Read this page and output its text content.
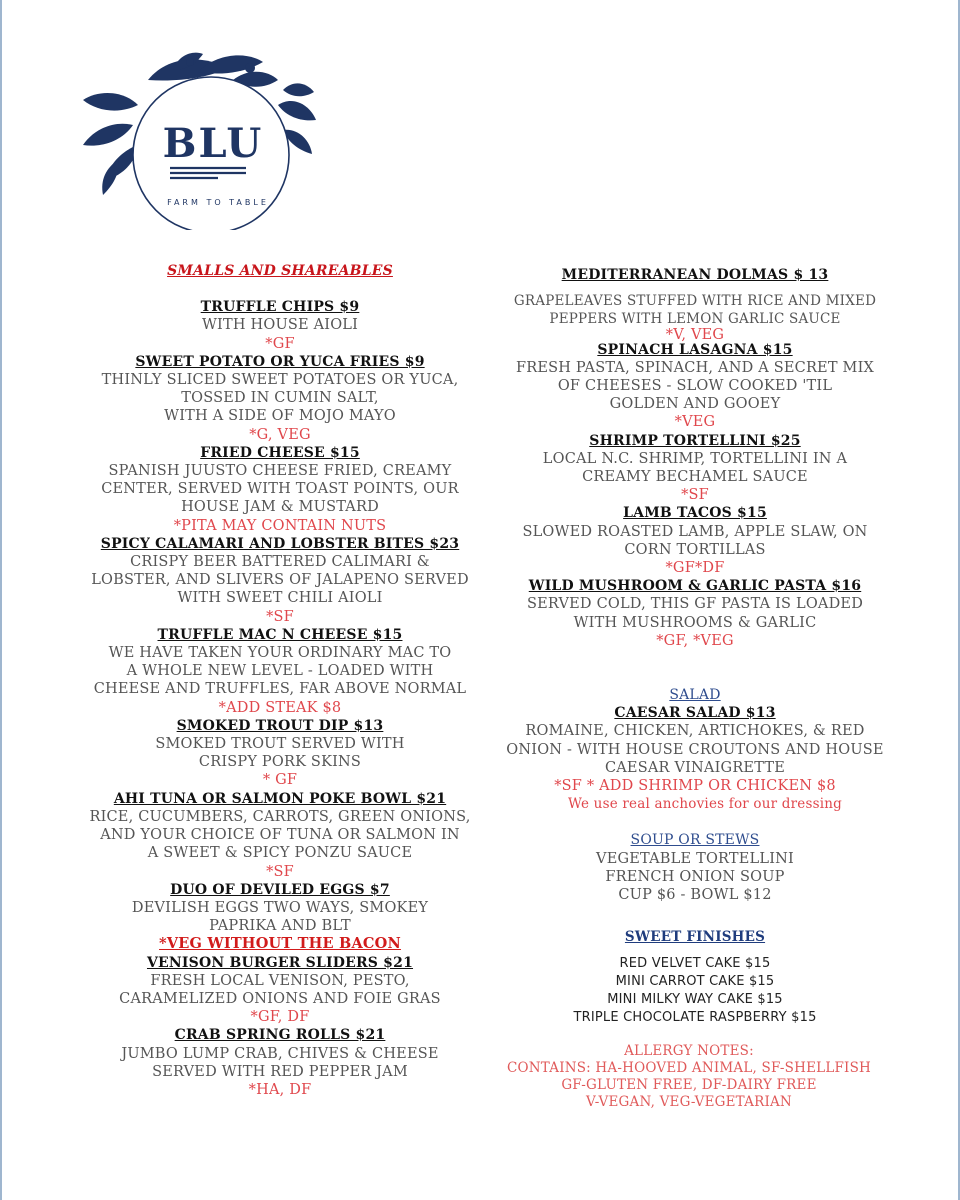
BLU
FARM TO TABLE
SMALLS AND SHAREABLES
TRUFFLE CHIPS $9
WITH HOUSE AIOLI
*GF
SWEET POTATO OR YUCA FRIES $9
THINLY SLICED SWEET POTATOES OR YUCA,
TOSSED IN CUMIN SALT,
WITH A SIDE OF MOJO MAYO
*G, VEG
FRIED CHEESE $15
SPANISH JUUSTO CHEESE FRIED, CREAMY
CENTER, SERVED WITH TOAST POINTS, OUR
HOUSE JAM & MUSTARD
*PITA MAY CONTAIN NUTS
SPICY CALAMARI AND LOBSTER BITES $23
CRISPY BEER BATTERED CALIMARI &
LOBSTER, AND SLIVERS OF JALAPENO SERVED
WITH SWEET CHILI AIOLI
*SF
TRUFFLE MAC N CHEESE $15
WE HAVE TAKEN YOUR ORDINARY MAC TO
A WHOLE NEW LEVEL - LOADED WITH
CHEESE AND TRUFFLES, FAR ABOVE NORMAL
*ADD STEAK $8
SMOKED TROUT DIP $13
SMOKED TROUT SERVED WITH
CRISPY PORK SKINS
* GF
AHI TUNA OR SALMON POKE BOWL $21
RICE, CUCUMBERS, CARROTS, GREEN ONIONS,
AND YOUR CHOICE OF TUNA OR SALMON IN
A SWEET & SPICY PONZU SAUCE
*SF
DUO OF DEVILED EGGS $7
DEVILISH EGGS TWO WAYS, SMOKEY
PAPRIKA AND BLT
*VEG WITHOUT THE BACON
VENISON BURGER SLIDERS $21
FRESH LOCAL VENISON, PESTO,
CARAMELIZED ONIONS AND FOIE GRAS
*GF, DF
CRAB SPRING ROLLS $21
JUMBO LUMP CRAB, CHIVES & CHEESE
SERVED WITH RED PEPPER JAM
*HA, DF
MEDITERRANEAN DOLMAS $ 13
GRAPELEAVES STUFFED WITH RICE AND MIXED
PEPPERS WITH LEMON GARLIC SAUCE
*V, VEG
SPINACH LASAGNA $15
FRESH PASTA, SPINACH, AND A SECRET MIX
OF CHEESES - SLOW COOKED 'TIL
GOLDEN AND GOOEY
*VEG
SHRIMP TORTELLINI $25
LOCAL N.C. SHRIMP, TORTELLINI IN A
CREAMY BECHAMEL SAUCE
*SF
LAMB TACOS $15
SLOWED ROASTED LAMB, APPLE SLAW, ON
CORN TORTILLAS
*GF*DF
WILD MUSHROOM & GARLIC PASTA $16
SERVED COLD, THIS GF PASTA IS LOADED
WITH MUSHROOMS & GARLIC
*GF, *VEG
SALAD
CAESAR SALAD $13
ROMAINE, CHICKEN, ARTICHOKES, & RED
ONION - WITH HOUSE CROUTONS AND HOUSE
CAESAR VINAIGRETTE
*SF * ADD SHRIMP OR CHICKEN $8
We use real anchovies for our dressing
SOUP OR STEWS
VEGETABLE TORTELLINI
FRENCH ONION SOUP
CUP $6 - BOWL $12
SWEET FINISHES
RED VELVET CAKE $15
MINI CARROT CAKE $15
MINI MILKY WAY CAKE $15
TRIPLE CHOCOLATE RASPBERRY $15
ALLERGY NOTES:
CONTAINS: HA-HOOVED ANIMAL, SF-SHELLFISH
GF-GLUTEN FREE, DF-DAIRY FREE
V-VEGAN, VEG-VEGETARIAN
